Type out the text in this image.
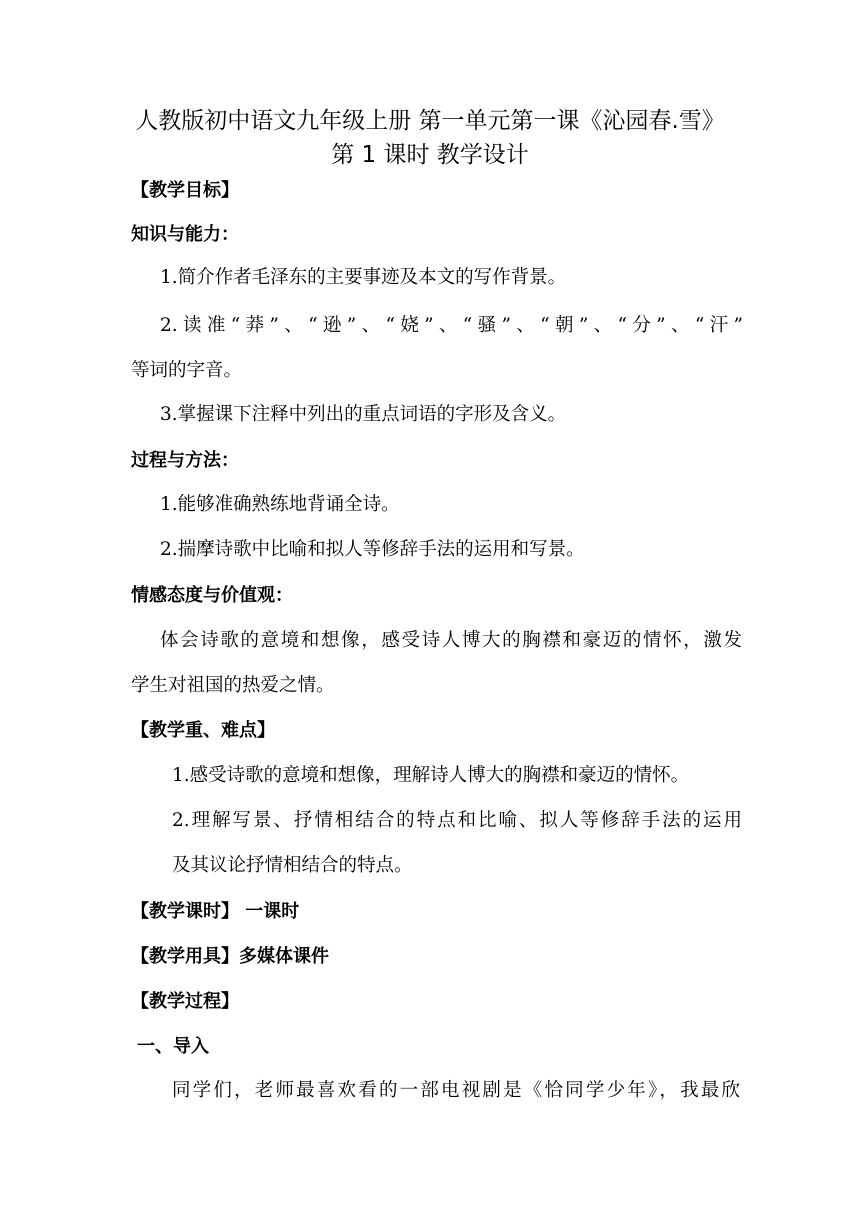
人教版初中语文九年级上册 第一单元第一课《沁园春.雪》
第 1 课时 教学设计
【教学目标】
知识与能力：
1.简介作者毛泽东的主要事迹及本文的写作背景。
2.读准“莽”、“逊”、“娆”、“骚”、“朝”、“分”、“汗”
等词的字音。
3.掌握课下注释中列出的重点词语的字形及含义。
过程与方法：
1.能够准确熟练地背诵全诗。
2.揣摩诗歌中比喻和拟人等修辞手法的运用和写景。
情感态度与价值观：
体会诗歌的意境和想像，感受诗人博大的胸襟和豪迈的情怀，激发
学生对祖国的热爱之情。
【教学重、难点】
1.感受诗歌的意境和想像，理解诗人博大的胸襟和豪迈的情怀。
2.理解写景、抒情相结合的特点和比喻、拟人等修辞手法的运用
及其议论抒情相结合的特点。
【教学课时】 一课时
【教学用具】多媒体课件
【教学过程】
一、导入
同学们，老师最喜欢看的一部电视剧是《恰同学少年》，我最欣
